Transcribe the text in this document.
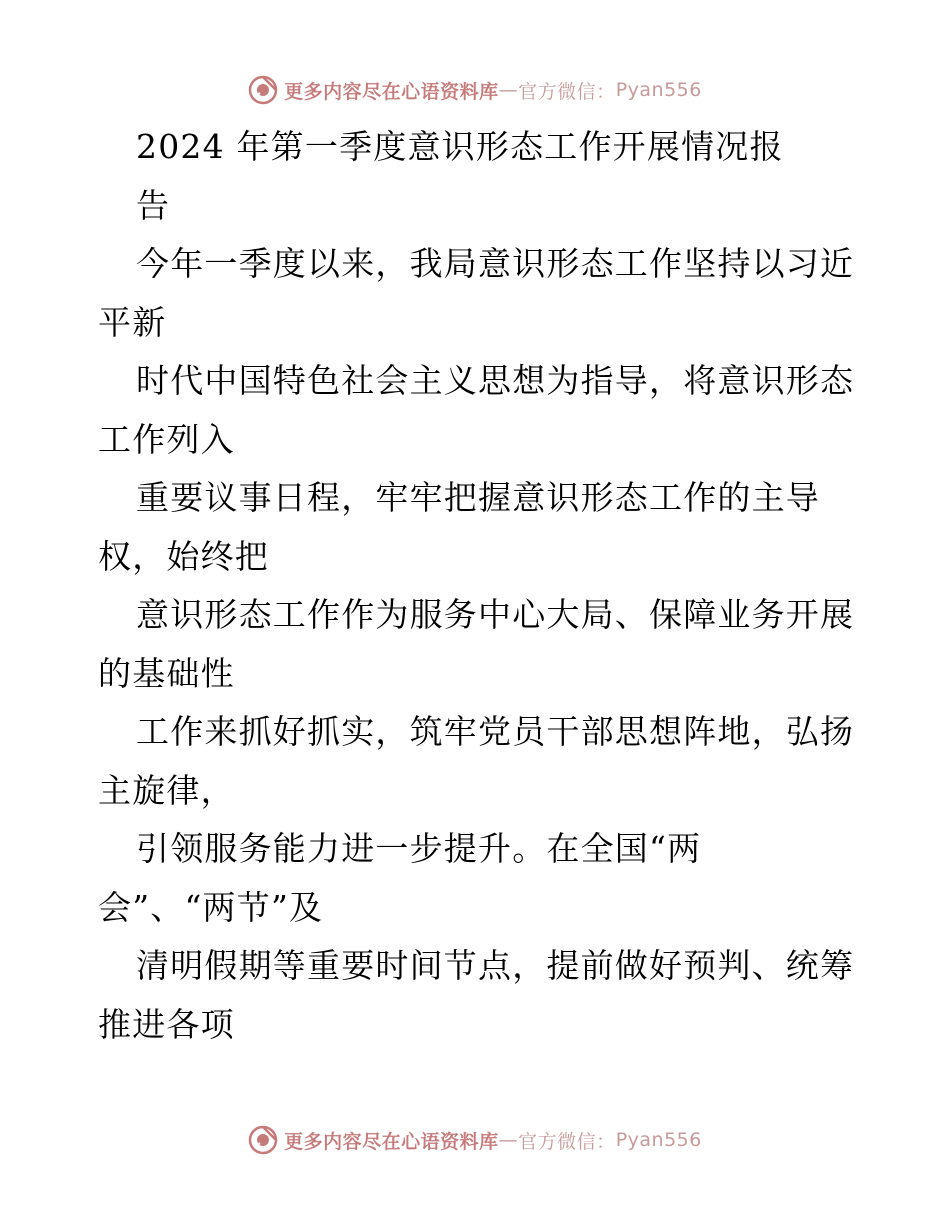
更多内容尽在心语资料库 — 官方微信： Pyan556
2024 年第一季度意识形态工作开展情况报
告
今年一季度以来，我局意识形态工作坚持以习近
平新
时代中国特色社会主义思想为指导，将意识形态
工作列入
重要议事日程，牢牢把握意识形态工作的主导
权，始终把
意识形态工作作为服务中心大局、保障业务开展
的基础性
工作来抓好抓实，筑牢党员干部思想阵地，弘扬
主旋律，
引领服务能力进一步提升。在全国“两
会”、“两节”及
清明假期等重要时间节点，提前做好预判、统筹
推进各项
更多内容尽在心语资料库 — 官方微信： Pyan556
